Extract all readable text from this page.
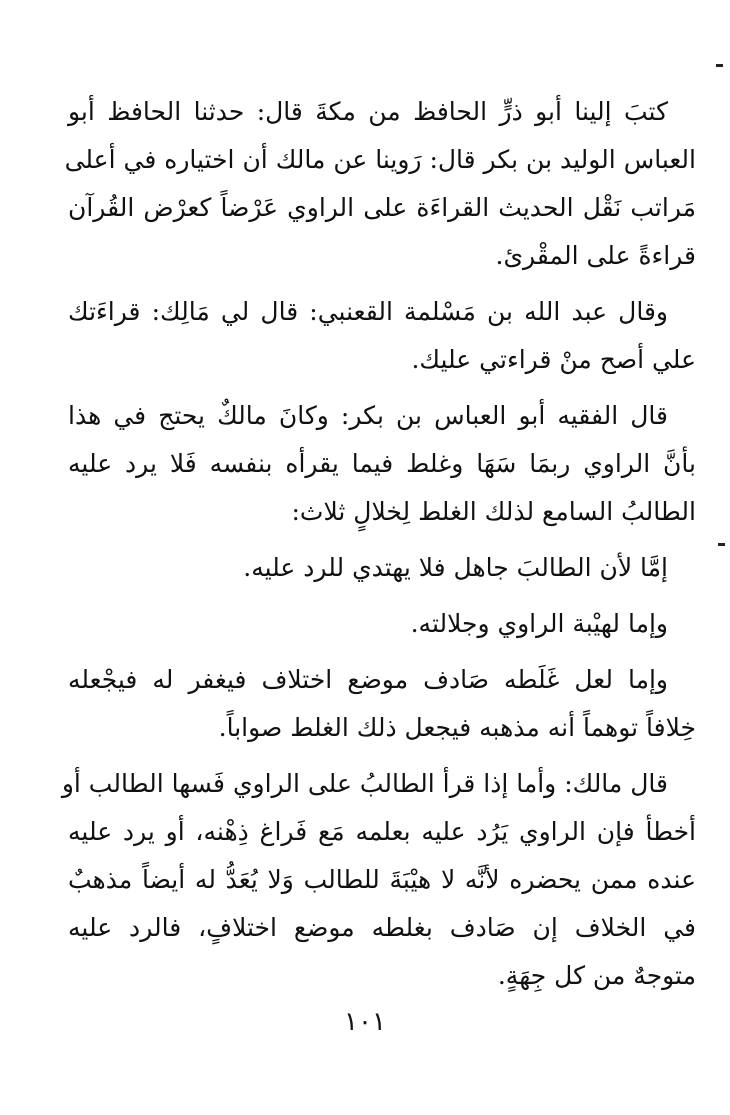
كتبَ إلينا أبو ذرٍّ الحافظ من مكةَ قال: حدثنا الحافظ أبو
العباس الوليد بن بكر قال: رَوينا عن مالك أن اختياره في أعلى
مَراتب نَقْل الحديث القراءَة على الراوي عَرْضاً كعرْض القُرآن
قراءةً على المقْرئ.
وقال عبد الله بن مَسْلمة القعنبي: قال لي مَالِك: قراءَتك
علي أصح منْ قراءتي عليك.
قال الفقيه أبو العباس بن بكر: وكانَ مالكٌ يحتج في هذا
بأنَّ الراوي ربمَا سَهَا وغلط فيما يقرأه بنفسه فَلا يرد عليه
الطالبُ السامع لذلك الغلط لِخلالٍ ثلاث:
إمَّا لأن الطالبَ جاهل فلا يهتدي للرد عليه.
وإما لهيْبة الراوي وجلالته.
وإما لعل غَلَطه صَادف موضع اختلاف فيغفر له فيجْعله
خِلافاً توهماً أنه مذهبه فيجعل ذلك الغلط صواباً.
قال مالك: وأما إذا قرأ الطالبُ على الراوي فَسها الطالب أو
أخطأ فإن الراوي يَرُد عليه بعلمه مَع فَراغ ذِهْنه، أو يرد عليه
عنده ممن يحضره لأنَّه لا هيْبَةَ للطالب وَلا يُعَدُّ له أيضاً مذهبٌ
في الخلاف إن صَادف بغلطه موضع اختلافٍ، فالرد عليه
متوجهٌ من كل جِهَةٍ.
١٠١
